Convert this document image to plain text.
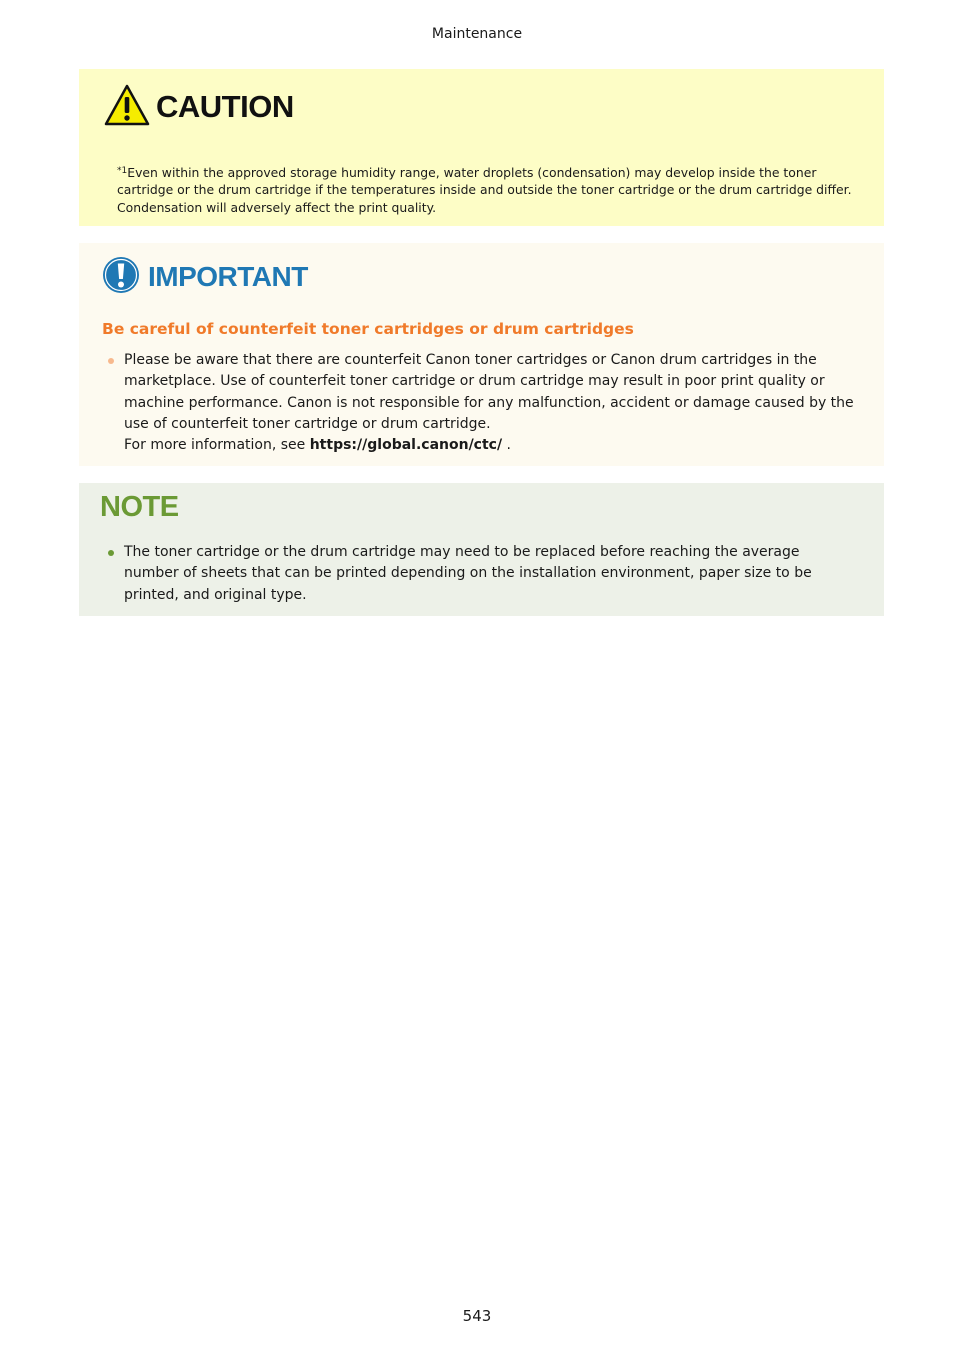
Maintenance
CAUTION
$^{*1}$Even within the approved storage humidity range, water droplets (condensation) may develop inside the toner cartridge or the drum cartridge if the temperatures inside and outside the toner cartridge or the drum cartridge differ. Condensation will adversely affect the print quality.
IMPORTANT
Be careful of counterfeit toner cartridges or drum cartridges
Please be aware that there are counterfeit Canon toner cartridges or Canon drum cartridges in the marketplace. Use of counterfeit toner cartridge or drum cartridge may result in poor print quality or machine performance. Canon is not responsible for any malfunction, accident or damage caused by the use of counterfeit toner cartridge or drum cartridge.
For more information, see https://global.canon/ctc/ .
NOTE
The toner cartridge or the drum cartridge may need to be replaced before reaching the average number of sheets that can be printed depending on the installation environment, paper size to be printed, and original type.
543
